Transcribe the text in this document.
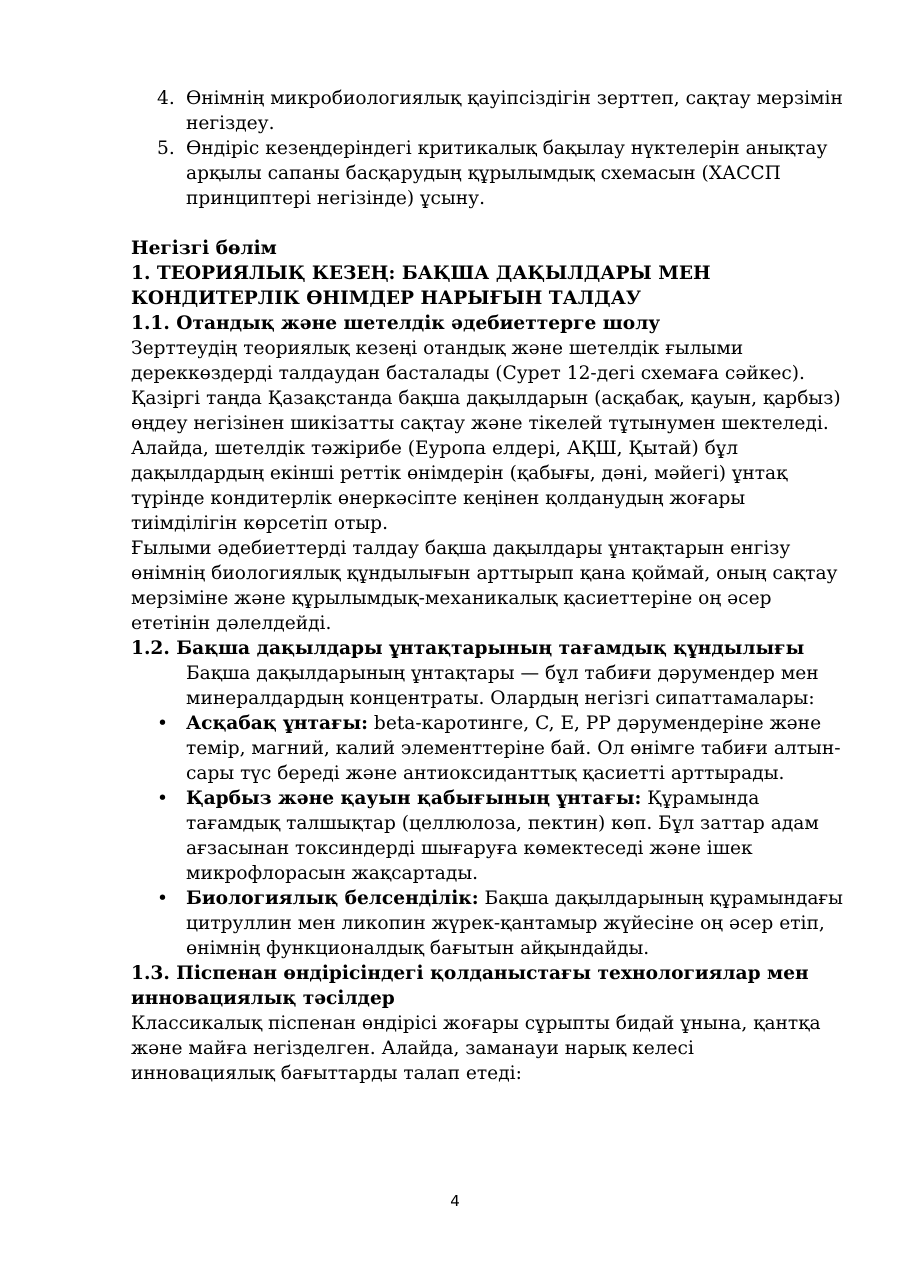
4. Өнімнің микробиологиялық қауіпсіздігін зерттеп, сақтау мерзімін негіздеу.
5. Өндіріс кезеңдеріндегі критикалық бақылау нүктелерін анықтау арқылы сапаны басқарудың құрылымдық схемасын (ХАССП принциптері негізінде) ұсыну.

Негізгі бөлім

1. ТЕОРИЯЛЫҚ КЕЗЕҢ: БАҚША ДАҚЫЛДАРЫ МЕН КОНДИТЕРЛІК ӨНІМДЕР НАРЫҒЫН ТАЛДАУ

1.1. Отандық және шетелдік әдебиеттерге шолу

Зерттеудің теориялық кезеңі отандық және шетелдік ғылыми дереккөздерді талдаудан басталады (Сурет 12-дегі схемаға сәйкес). Қазіргі таңда Қазақстанда бақша дақылдарын (асқабақ, қауын, қарбыз) өңдеу негізінен шикізатты сақтау және тікелей тұтынумен шектеледі. Алайда, шетелдік тәжірибе (Еуропа елдері, АҚШ, Қытай) бұл дақылдардың екінші реттік өнімдерін (қабығы, дәні, мәйегі) ұнтақ түрінде кондитерлік өнеркәсіпте кеңінен қолданудың жоғары тиімділігін көрсетіп отыр.

Ғылыми әдебиеттерді талдау бақша дақылдары ұнтақтарын енгізу өнімнің биологиялық құндылығын арттырып қана қоймай, оның сақтау мерзіміне және құрылымдық-механикалық қасиеттеріне оң әсер ететінін дәлелдейді.

1.2. Бақша дақылдары ұнтақтарының тағамдық құндылығы

Бақша дақылдарының ұнтақтары — бұл табиғи дәрумендер мен минералдардың концентраты. Олардың негізгі сипаттамалары:

• Асқабақ ұнтағы: beta-каротинге, C, E, PP дәрумендеріне және темір, магний, калий элементтеріне бай. Ол өнімге табиғи алтын-сары түс береді және антиоксиданттық қасиетті арттырады.
• Қарбыз және қауын қабығының ұнтағы: Құрамында тағамдық талшықтар (целлюлоза, пектин) көп. Бұл заттар адам ағзасынан токсиндерді шығаруға көмектеседі және ішек микрофлорасын жақсартады.
• Биологиялық белсенділік: Бақша дақылдарының құрамындағы цитруллин мен ликопин жүрек-қантамыр жүйесіне оң әсер етіп, өнімнің функционалдық бағытын айқындайды.

1.3. Піспенан өндірісіндегі қолданыстағы технологиялар мен инновациялық тәсілдер

Классикалық піспенан өндірісі жоғары сұрыпты бидай ұнына, қантқа және майға негізделген. Алайда, заманауи нарық келесі инновациялық бағыттарды талап етеді:

4
